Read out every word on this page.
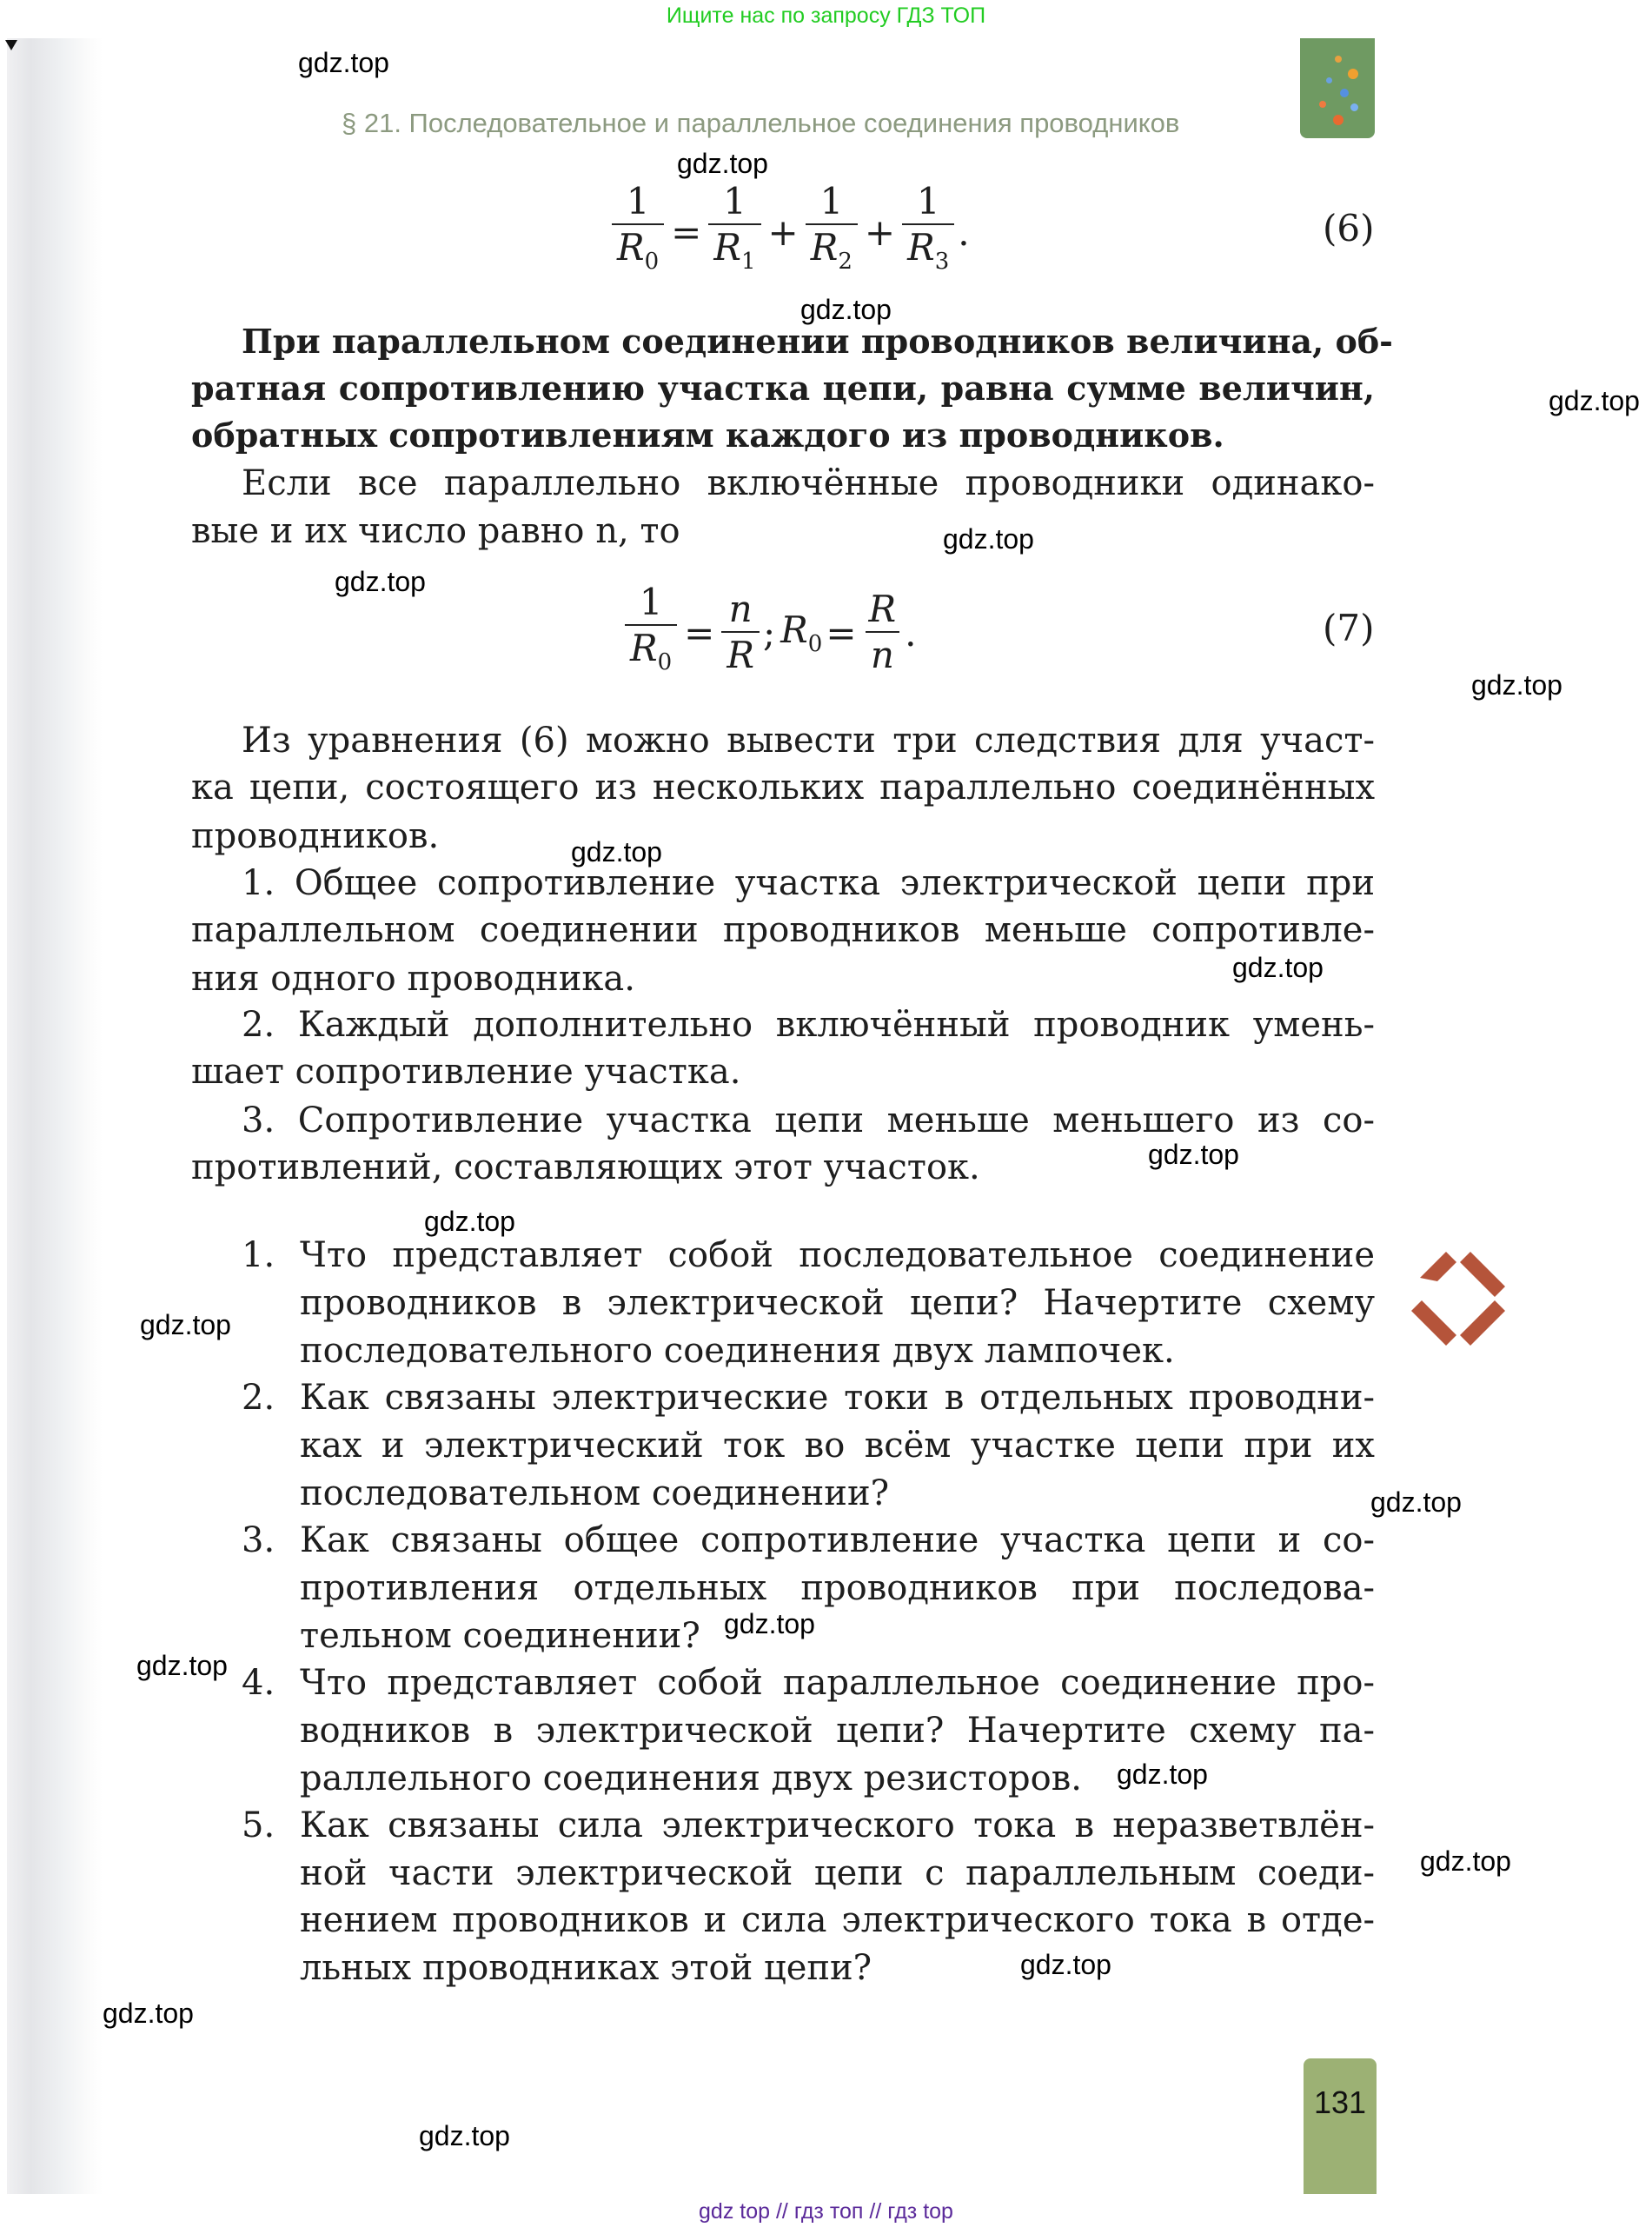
Ищите нас по запросу ГДЗ ТОП
§ 21. Последовательное и параллельное соединения проводников
$\frac{1}{R_0} = \frac{1}{R_1} + \frac{1}{R_2} + \frac{1}{R_3}$ .	(6)
При параллельном соединении проводников величина, об-
ратная сопротивлению участка цепи, равна сумме величин,
обратных сопротивлениям каждого из проводников.
Если все параллельно включённые проводники одинако-
вые и их число равно n, то
Из уравнения (6) можно вывести три следствия для участ-
ка цепи, состоящего из нескольких параллельно соединённых
проводников.
1. Общее сопротивление участка электрической цепи при
параллельном соединении проводников меньше сопротивле-
ния одного проводника.
2. Каждый дополнительно включённый проводник умень-
шает сопротивление участка.
3. Сопротивление участка цепи меньше меньшего из со-
противлений, составляющих этот участок.
1. Что представляет собой последовательное соединение
проводников в электрической цепи? Начертите схему
последовательного соединения двух лампочек.
2. Как связаны электрические токи в отдельных проводни-
ках и электрический ток во всём участке цепи при их
последовательном соединении?
3. Как связаны общее сопротивление участка цепи и со-
противления отдельных проводников при последова-
тельном соединении?
4. Что представляет собой параллельное соединение про-
водников в электрической цепи? Начертите схему па-
раллельного соединения двух резисторов.
5. Как связаны сила электрического тока в неразветвлён-
ной части электрической цепи с параллельным соеди-
нением проводников и сила электрического тока в отде-
льных проводниках этой цепи?
$\frac{1}{R_0} = \frac{n}{R}$ ; $R_0 = \frac{R}{n}$ .	(7)
131
gdz.top
gdz.top
gdz.top
gdz.top
gdz.top
gdz.top
gdz.top
gdz.top
gdz.top
gdz.top
gdz.top
gdz.top
gdz.top
gdz.top
gdz.top
gdz.top
gdz.top
gdz.top
gdz.top
gdz.top
gdz top // гдз топ // гдз top
